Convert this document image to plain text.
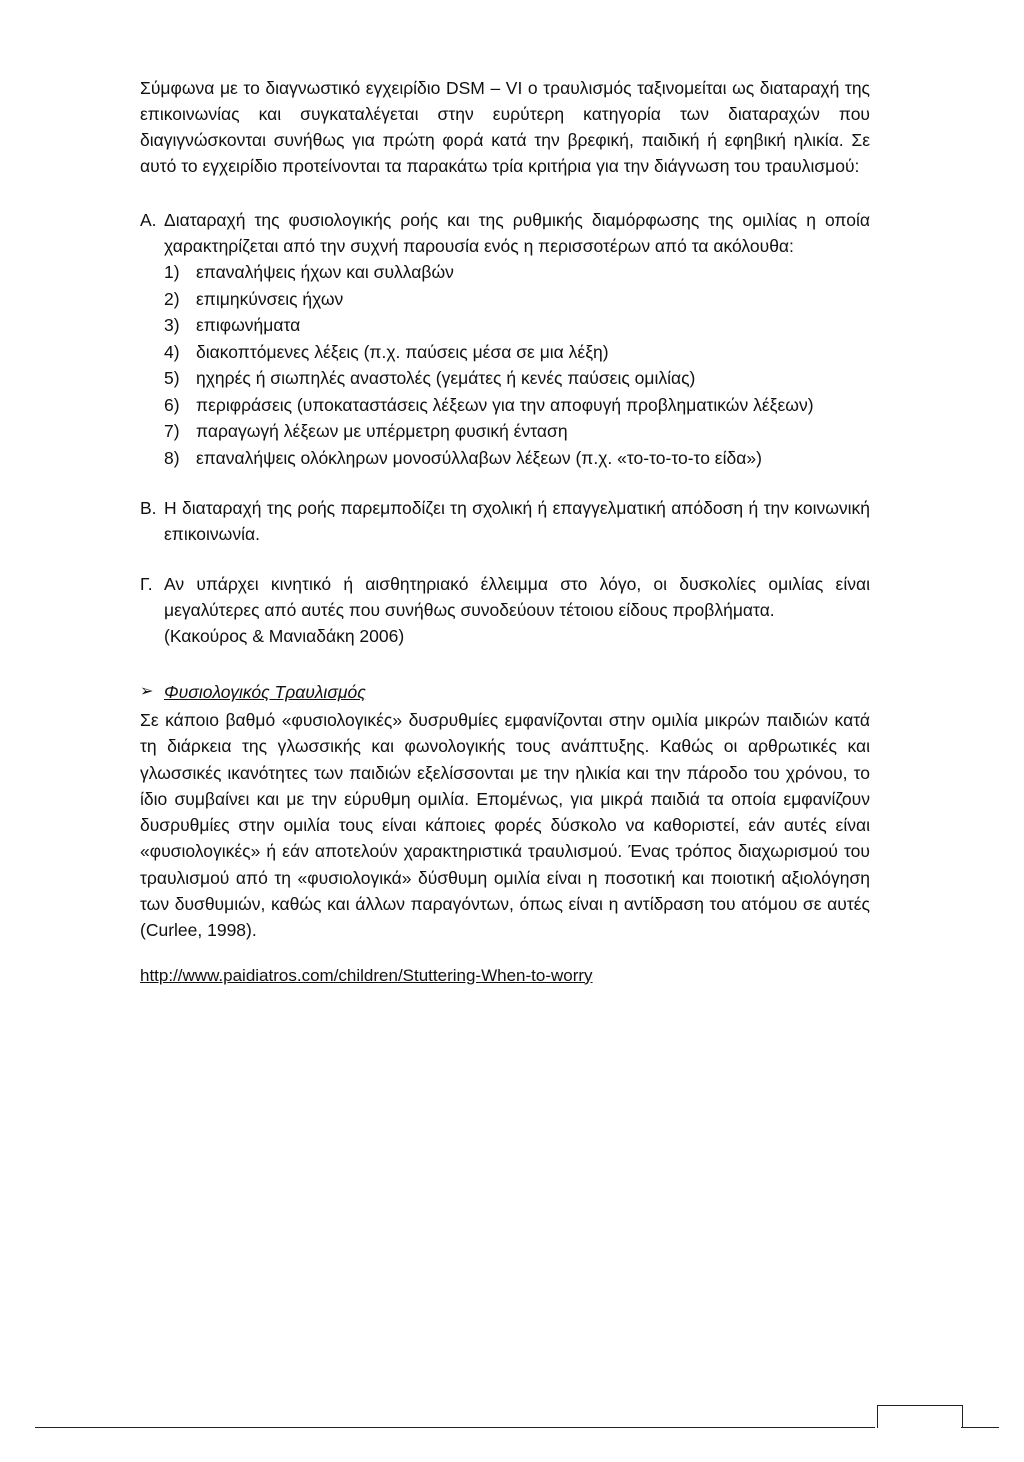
Σύμφωνα με το διαγνωστικό εγχειρίδιο DSM – VI ο τραυλισμός ταξινομείται ως διαταραχή της επικοινωνίας και συγκαταλέγεται στην ευρύτερη κατηγορία των διαταραχών που διαγιγνώσκονται συνήθως για πρώτη φορά κατά την βρεφική, παιδική ή εφηβική ηλικία. Σε αυτό το εγχειρίδιο προτείνονται τα παρακάτω τρία κριτήρια για την διάγνωση του τραυλισμού:

Α. Διαταραχή της φυσιολογικής ροής και της ρυθμικής διαμόρφωσης της ομιλίας η οποία χαρακτηρίζεται από την συχνή παρουσία ενός η περισσοτέρων από τα ακόλουθα:

1) επαναλήψεις ήχων και συλλαβών
2) επιμηκύνσεις ήχων
3) επιφωνήματα
4) διακοπτόμενες λέξεις (π.χ. παύσεις μέσα σε μια λέξη)
5) ηχηρές ή σιωπηλές αναστολές (γεμάτες ή κενές παύσεις ομιλίας)
6) περιφράσεις (υποκαταστάσεις λέξεων για την αποφυγή προβληματικών λέξεων)
7) παραγωγή λέξεων με υπέρμετρη φυσική ένταση
8) επαναλήψεις ολόκληρων μονοσύλλαβων λέξεων (π.χ. «το-το-το-το είδα»)
Β. Η διαταραχή της ροής παρεμποδίζει τη σχολική ή επαγγελματική απόδοση ή την κοινωνική επικοινωνία.

Γ. Αν υπάρχει κινητικό ή αισθητηριακό έλλειμμα στο λόγο, οι δυσκολίες ομιλίας είναι μεγαλύτερες από αυτές που συνήθως συνοδεύουν τέτοιου είδους προβλήματα.

(Κακούρος & Μανιαδάκη 2006)
➢ Φυσιολογικός Τραυλισμός

Σε κάποιο βαθμό «φυσιολογικές» δυσρυθμίες εμφανίζονται στην ομιλία μικρών παιδιών κατά τη διάρκεια της γλωσσικής και φωνολογικής τους ανάπτυξης. Καθώς οι αρθρωτικές και γλωσσικές ικανότητες των παιδιών εξελίσσονται με την ηλικία και την πάροδο του χρόνου, το ίδιο συμβαίνει και με την εύρυθμη ομιλία. Επομένως, για μικρά παιδιά τα οποία εμφανίζουν δυσρυθμίες στην ομιλία τους είναι κάποιες φορές δύσκολο να καθοριστεί, εάν αυτές είναι «φυσιολογικές» ή εάν αποτελούν χαρακτηριστικά τραυλισμού. Ένας τρόπος διαχωρισμού του τραυλισμού από τη «φυσιολογικά» δύσθυμη ομιλία είναι η ποσοτική και ποιοτική αξιολόγηση των δυσθυμιών, καθώς και άλλων παραγόντων, όπως είναι η αντίδραση του ατόμου σε αυτές (Curlee, 1998).

http://www.paidiatros.com/children/Stuttering-When-to-worry
